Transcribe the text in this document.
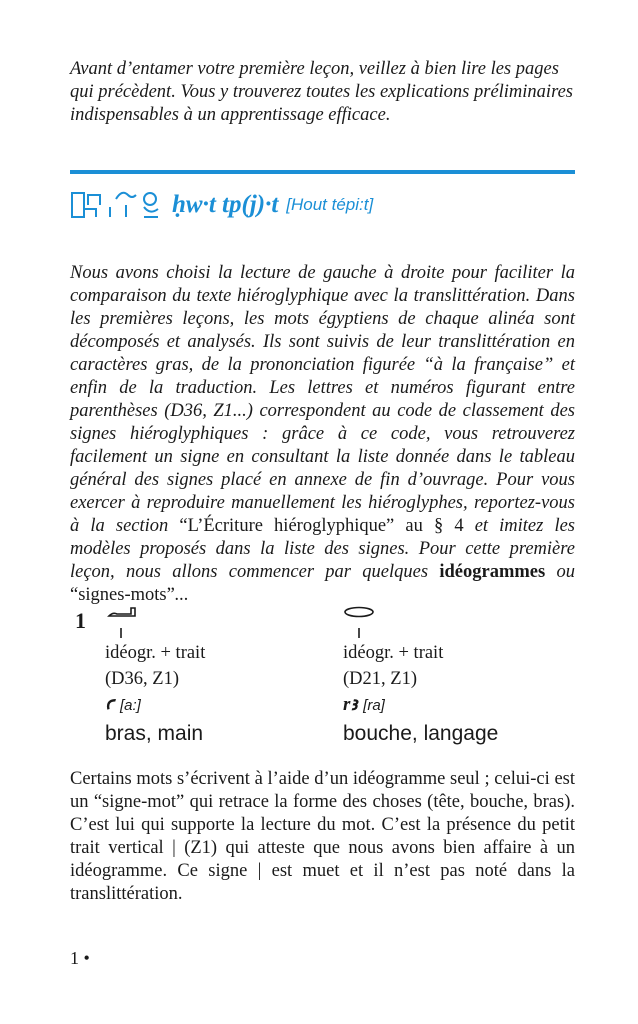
Avant d’entamer votre première leçon, veillez à bien lire les pages qui précèdent. Vous y trouverez toutes les explications préliminaires indispensables à un apprentissage efficace.

ḥw·t tp(j)·t [Hout tépi:t]

Nous avons choisi la lecture de gauche à droite pour faciliter la comparaison du texte hiéroglyphique avec la translittération. Dans les premières leçons, les mots égyptiens de chaque alinéa sont décomposés et analysés. Ils sont suivis de leur translittération en caractères gras, de la prononciation figurée “à la française” et enfin de la traduction. Les lettres et numéros figurant entre parenthèses (D36, Z1...) correspondent au code de classement des signes hiéroglyphiques : grâce à ce code, vous retrouverez facilement un signe en consultant la liste donnée dans le tableau général des signes placé en annexe de fin d’ouvrage. Pour vous exercer à reproduire manuellement les hiéroglyphes, reportez-vous à la section “L’Écriture hiéroglyphique” au § 4 et imitez les modèles proposés dans la liste des signes. Pour cette première leçon, nous allons commencer par quelques idéogrammes ou “signes-mots”...

1
idéogr. + trait
(D36, Z1)
ꜥ [a:]
bras, main
idéogr. + trait
(D21, Z1)
rꜣ [ra]
bouche, langage

Certains mots s’écrivent à l’aide d’un idéogramme seul ; celui-ci est un “signe-mot” qui retrace la forme des choses (tête, bouche, bras). C’est lui qui supporte la lecture du mot. C’est la présence du petit trait vertical | (Z1) qui atteste que nous avons bien affaire à un idéogramme. Ce signe | est muet et il n’est pas noté dans la translittération.

1 •
